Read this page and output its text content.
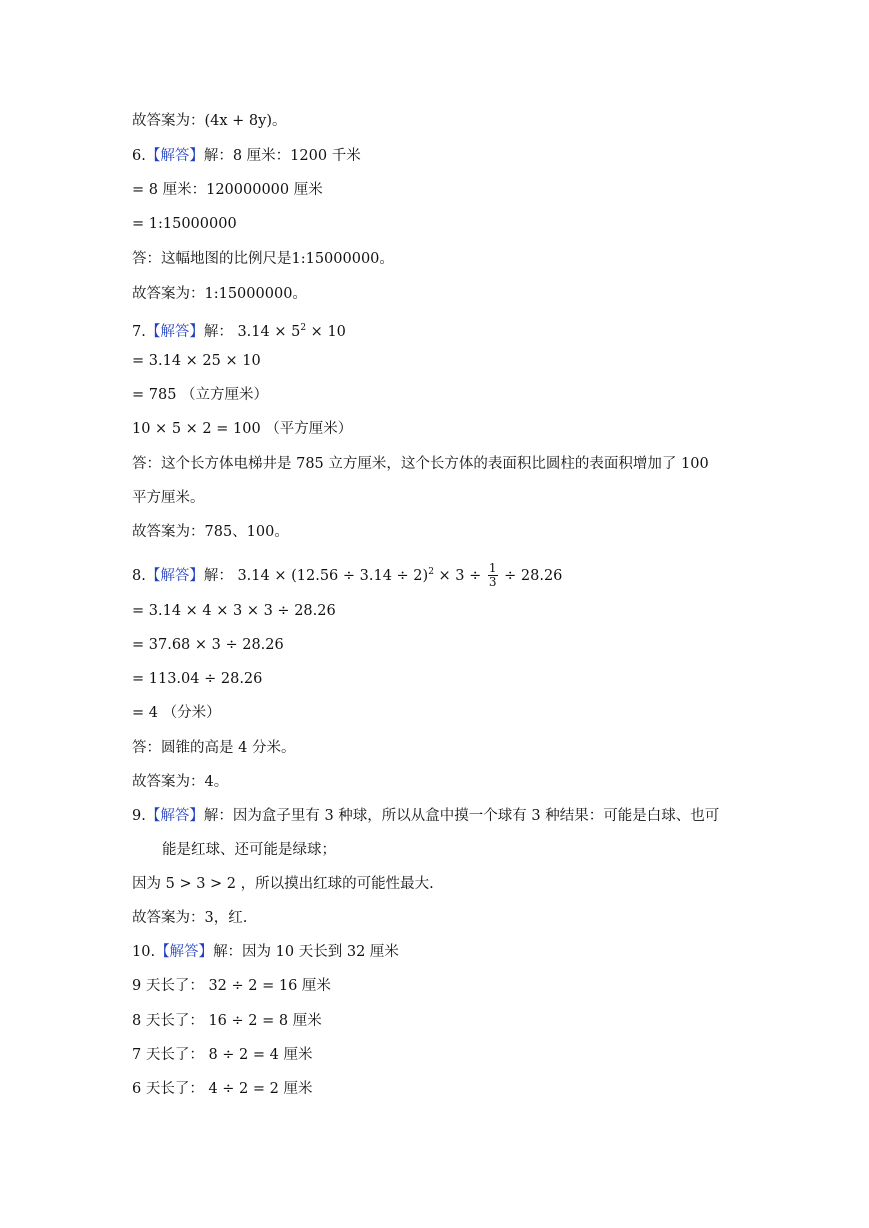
故答案为：(4x + 8y)。
6.【解答】解：8 厘米：1200 千米
= 8 厘米：120000000 厘米
= 1:15000000
答：这幅地图的比例尺是1:15000000。
故答案为：1:15000000。
7.【解答】解： $3.14 \times 5^2 \times 10$
= 3.14 × 25 × 10
= 785 （立方厘米）
10 × 5 × 2 = 100 （平方厘米）
答：这个长方体电梯井是 785 立方厘米，这个长方体的表面积比圆柱的表面积增加了 100
平方厘米。
故答案为：785、100。
8.【解答】解： $3.14 \times (12.56 \div 3.14 \div 2)^2 \times 3 \div \frac{1}{3} \div 28.26$
= 3.14 × 4 × 3 × 3 ÷ 28.26
= 37.68 × 3 ÷ 28.26
= 113.04 ÷ 28.26
= 4 （分米）
答：圆锥的高是 4 分米。
故答案为：4。
9.【解答】解：因为盒子里有 3 种球，所以从盒中摸一个球有 3 种结果：可能是白球、也可
能是红球、还可能是绿球；
因为 5 > 3 > 2 ，所以摸出红球的可能性最大.
故答案为：3，红.
10.【解答】解：因为 10 天长到 32 厘米
9 天长了： 32 ÷ 2 = 16 厘米
8 天长了： 16 ÷ 2 = 8 厘米
7 天长了： 8 ÷ 2 = 4 厘米
6 天长了： 4 ÷ 2 = 2 厘米
